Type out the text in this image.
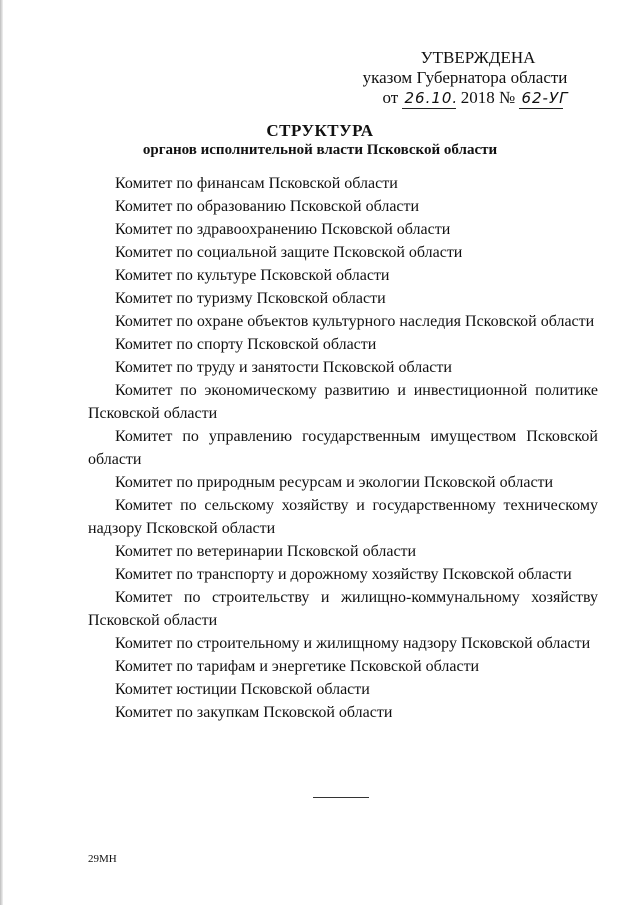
УТВЕРЖДЕНА
указом Губернатора области
от 26.10. 2018 № 62-УГ
СТРУКТУРА
органов исполнительной власти Псковской области
Комитет по финансам Псковской области
Комитет по образованию Псковской области
Комитет по здравоохранению Псковской области
Комитет по социальной защите Псковской области
Комитет по культуре Псковской области
Комитет по туризму Псковской области
Комитет по охране объектов культурного наследия Псковской области
Комитет по спорту Псковской области
Комитет по труду и занятости Псковской области
Комитет по экономическому развитию и инвестиционной политике Псковской области
Комитет по управлению государственным имуществом Псковской области
Комитет по природным ресурсам и экологии Псковской области
Комитет по сельскому хозяйству и государственному техническому надзору Псковской области
Комитет по ветеринарии Псковской области
Комитет по транспорту и дорожному хозяйству Псковской области
Комитет по строительству и жилищно-коммунальному хозяйству Псковской области
Комитет по строительному и жилищному надзору Псковской области
Комитет по тарифам и энергетике Псковской области
Комитет юстиции Псковской области
Комитет по закупкам Псковской области
29МН
